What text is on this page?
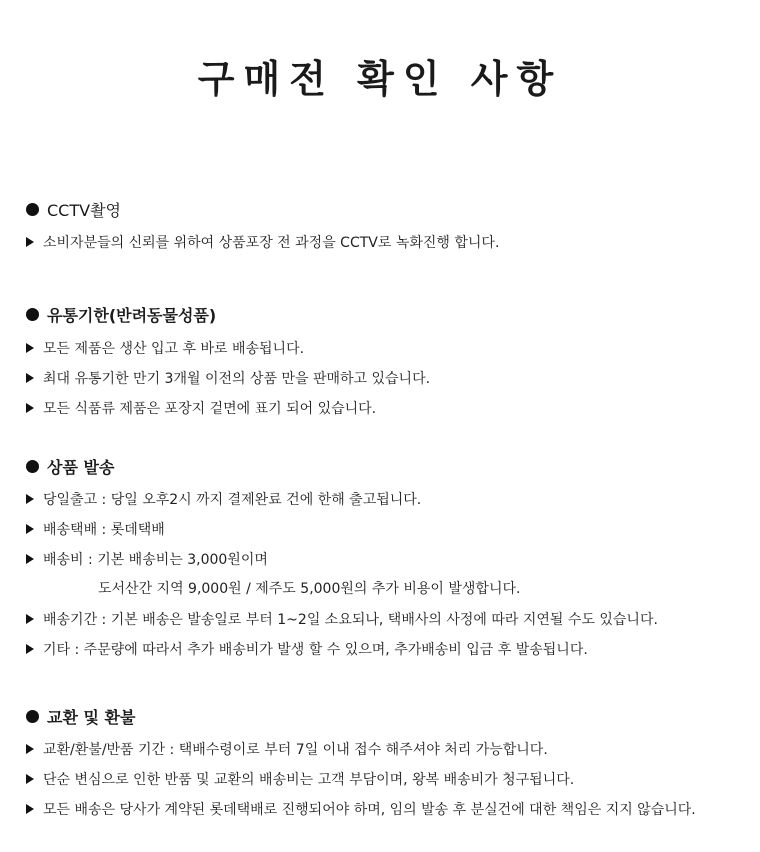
구매전 확인 사항
CCTV촬영
소비자분들의 신뢰를 위하여 상품포장 전 과정을 CCTV로 녹화진행 합니다.
유통기한(반려동물성품)
모든 제품은 생산 입고 후 바로 배송됩니다.
최대 유통기한 만기 3개월 이전의 상품 만을 판매하고 있습니다.
모든 식품류 제품은 포장지 겉면에 표기 되어 있습니다.
상품 발송
당일출고 : 당일 오후2시 까지 결제완료 건에 한해 출고됩니다.
배송택배 : 롯데택배
배송비 : 기본 배송비는 3,000원이며
도서산간 지역 9,000원 / 제주도 5,000원의 추가 비용이 발생합니다.
배송기간 : 기본 배송은 발송일로 부터 1~2일 소요되나, 택배사의 사정에 따라 지연될 수도 있습니다.
기타 : 주문량에 따라서 추가 배송비가 발생 할 수 있으며, 추가배송비 입금 후 발송됩니다.
교환 및 환불
교환/환불/반품 기간 : 택배수령이로 부터 7일 이내 접수 해주셔야 처리 가능합니다.
단순 변심으로 인한 반품 및 교환의 배송비는 고객 부담이며, 왕복 배송비가 청구됩니다.
모든 배송은 당사가 계약된 롯데택배로 진행되어야 하며, 임의 발송 후 분실건에 대한 책임은 지지 않습니다.
